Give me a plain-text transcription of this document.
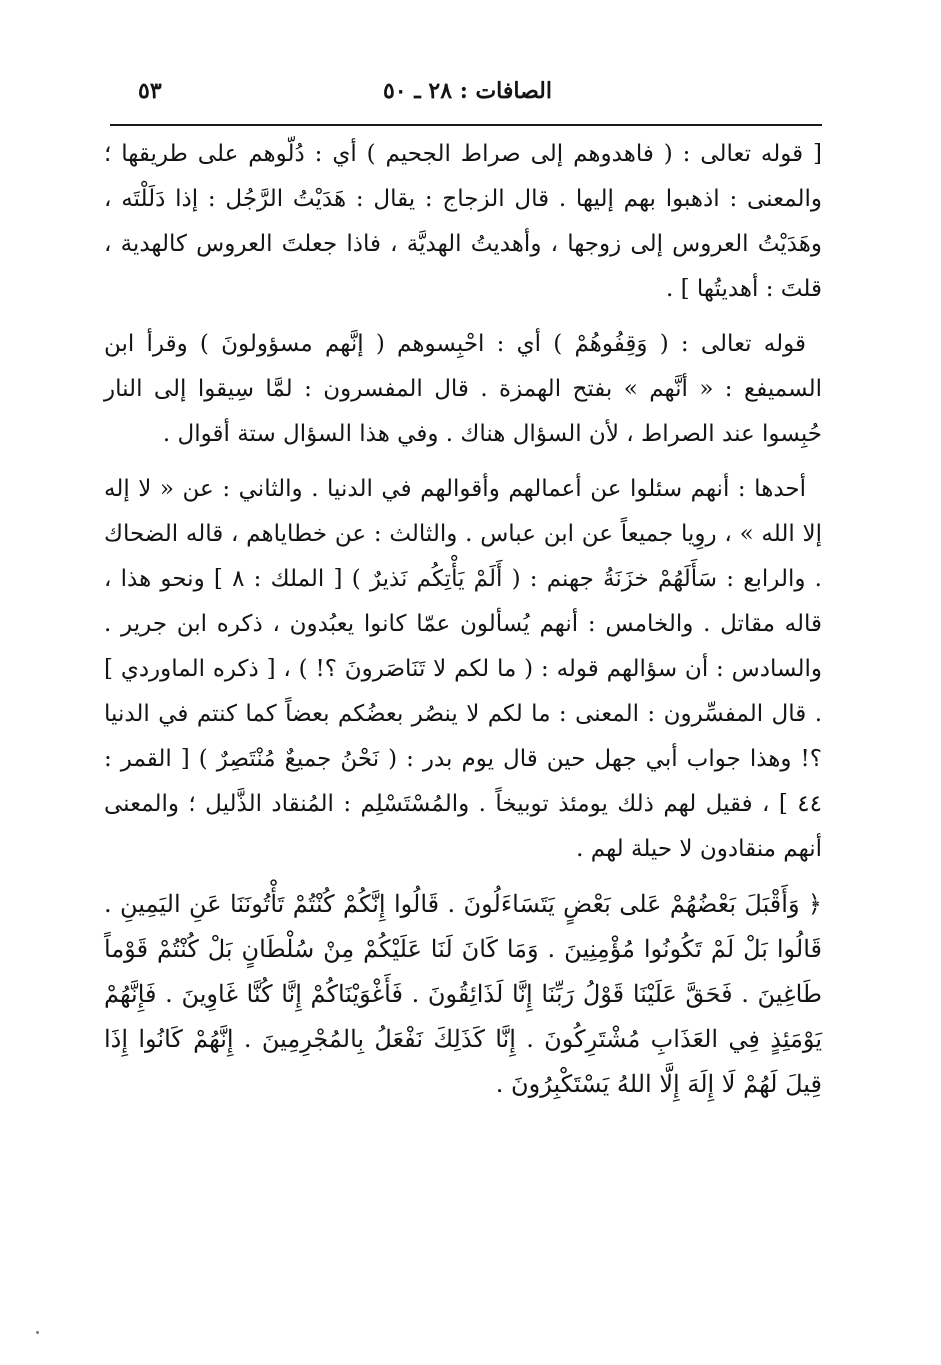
الصافات : ٢٨ ـ ٥٠
٥٣

[ قوله تعالى : ( فاهدوهم إلى صراط الجحيم ) أي : دُلّوهم على طريقها ؛ والمعنى : اذهبوا بهم إليها . قال الزجاج : يقال : هَدَيْتُ الرَّجُل : إذا دَلَلْتَه ، وهَدَيْتُ العروس إلى زوجها ، وأهديتُ الهديَّة ، فاذا جعلتَ العروس كالهدية ، قلتَ : أهديتُها ] .

قوله تعالى : ( وَقِفُوهُمْ ) أي : احْبِسوهم ( إنَّهم مسؤولونَ ) وقرأ ابن السميفع : « أنَّهم » بفتح الهمزة . قال المفسرون : لمَّا سِيقوا إلى النار حُبِسوا عند الصراط ، لأن السؤال هناك . وفي هذا السؤال ستة أقوال .

أحدها : أنهم سئلوا عن أعمالهم وأقوالهم في الدنيا . والثاني : عن « لا إله إلا الله » ، روِيا جميعاً عن ابن عباس . والثالث : عن خطاياهم ، قاله الضحاك . والرابع : سَأَلَهُمْ خزَنَةُ جهنم : ( أَلَمْ يَأْتِكُم نَذيرٌ ) [ الملك : ٨ ] ونحو هذا ، قاله مقاتل . والخامس : أنهم يُسألون عمّا كانوا يعبُدون ، ذكره ابن جرير . والسادس : أن سؤالهم قوله : ( ما لكم لا تَنَاصَرونَ ؟! ) ، [ ذكره الماوردي ] . قال المفسِّرون : المعنى : ما لكم لا ينصُر بعضُكم بعضاً كما كنتم في الدنيا ؟! وهذا جواب أبي جهل حين قال يوم بدر : ( نَحْنُ جميعٌ مُنْتَصِرٌ ) [ القمر : ٤٤ ] ، فقيل لهم ذلك يومئذ توبيخاً . والمُسْتَسْلِم : المُنقاد الذَّليل ؛ والمعنى أنهم منقادون لا حيلة لهم .

﴿ وَأَقْبَلَ بَعْضُهُمْ عَلى بَعْضٍ يَتَسَاءَلُونَ . قَالُوا إِنَّكُمْ كُنْتُمْ تَأْتُونَنَا عَنِ اليَمِينِ . قَالُوا بَلْ لَمْ تَكُونُوا مُؤْمِنِينَ . وَمَا كَانَ لَنَا عَلَيْكُمْ مِنْ سُلْطَانٍ بَلْ كُنْتُمْ قَوْماً طَاغِينَ . فَحَقَّ عَلَيْنَا قَوْلُ رَبِّنَا إِنَّا لَذَائِقُونَ . فَأَغْوَيْنَاكُمْ إِنَّا كُنَّا غَاوِينَ . فَإِنَّهُمْ يَوْمَئِذٍ فِي العَذَابِ مُشْتَرِكُونَ . إِنَّا كَذَلِكَ نَفْعَلُ بِالمُجْرِمِينَ . إِنَّهُمْ كَانُوا إِذَا قِيلَ لَهُمْ لَا إِلَهَ إِلَّا اللهُ يَسْتَكْبِرُونَ .
